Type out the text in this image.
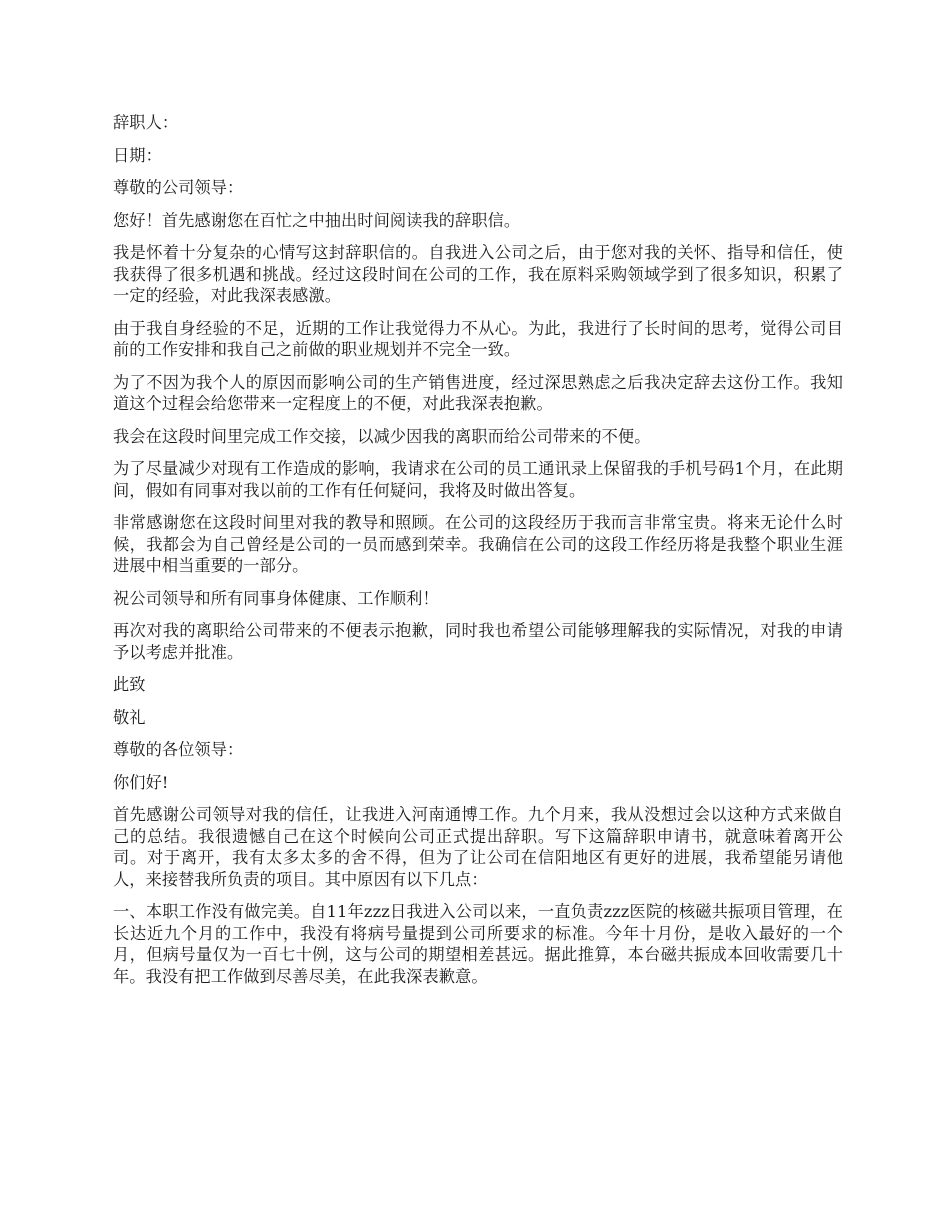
辞职人：

日期：

尊敬的公司领导：

您好！首先感谢您在百忙之中抽出时间阅读我的辞职信。

我是怀着十分复杂的心情写这封辞职信的。自我进入公司之后，由于您对我的关怀、指导和信任，使我获得了很多机遇和挑战。经过这段时间在公司的工作，我在原料采购领域学到了很多知识，积累了一定的经验，对此我深表感激。

由于我自身经验的不足，近期的工作让我觉得力不从心。为此，我进行了长时间的思考，觉得公司目前的工作安排和我自己之前做的职业规划并不完全一致。

为了不因为我个人的原因而影响公司的生产销售进度，经过深思熟虑之后我决定辞去这份工作。我知道这个过程会给您带来一定程度上的不便，对此我深表抱歉。

我会在这段时间里完成工作交接，以减少因我的离职而给公司带来的不便。

为了尽量减少对现有工作造成的影响，我请求在公司的员工通讯录上保留我的手机号码1个月，在此期间，假如有同事对我以前的工作有任何疑问，我将及时做出答复。

非常感谢您在这段时间里对我的教导和照顾。在公司的这段经历于我而言非常宝贵。将来无论什么时候，我都会为自己曾经是公司的一员而感到荣幸。我确信在公司的这段工作经历将是我整个职业生涯进展中相当重要的一部分。

祝公司领导和所有同事身体健康、工作顺利！

再次对我的离职给公司带来的不便表示抱歉，同时我也希望公司能够理解我的实际情况，对我的申请予以考虑并批准。

此致

敬礼

尊敬的各位领导：

你们好!

首先感谢公司领导对我的信任，让我进入河南通博工作。九个月来，我从没想过会以这种方式来做自己的总结。我很遗憾自己在这个时候向公司正式提出辞职。写下这篇辞职申请书，就意味着离开公司。对于离开，我有太多太多的舍不得，但为了让公司在信阳地区有更好的进展，我希望能另请他人，来接替我所负责的项目。其中原因有以下几点：

一、本职工作没有做完美。自11年zzz日我进入公司以来，一直负责zzz医院的核磁共振项目管理，在长达近九个月的工作中，我没有将病号量提到公司所要求的标准。今年十月份，是收入最好的一个月，但病号量仅为一百七十例，这与公司的期望相差甚远。据此推算，本台磁共振成本回收需要几十年。我没有把工作做到尽善尽美，在此我深表歉意。
